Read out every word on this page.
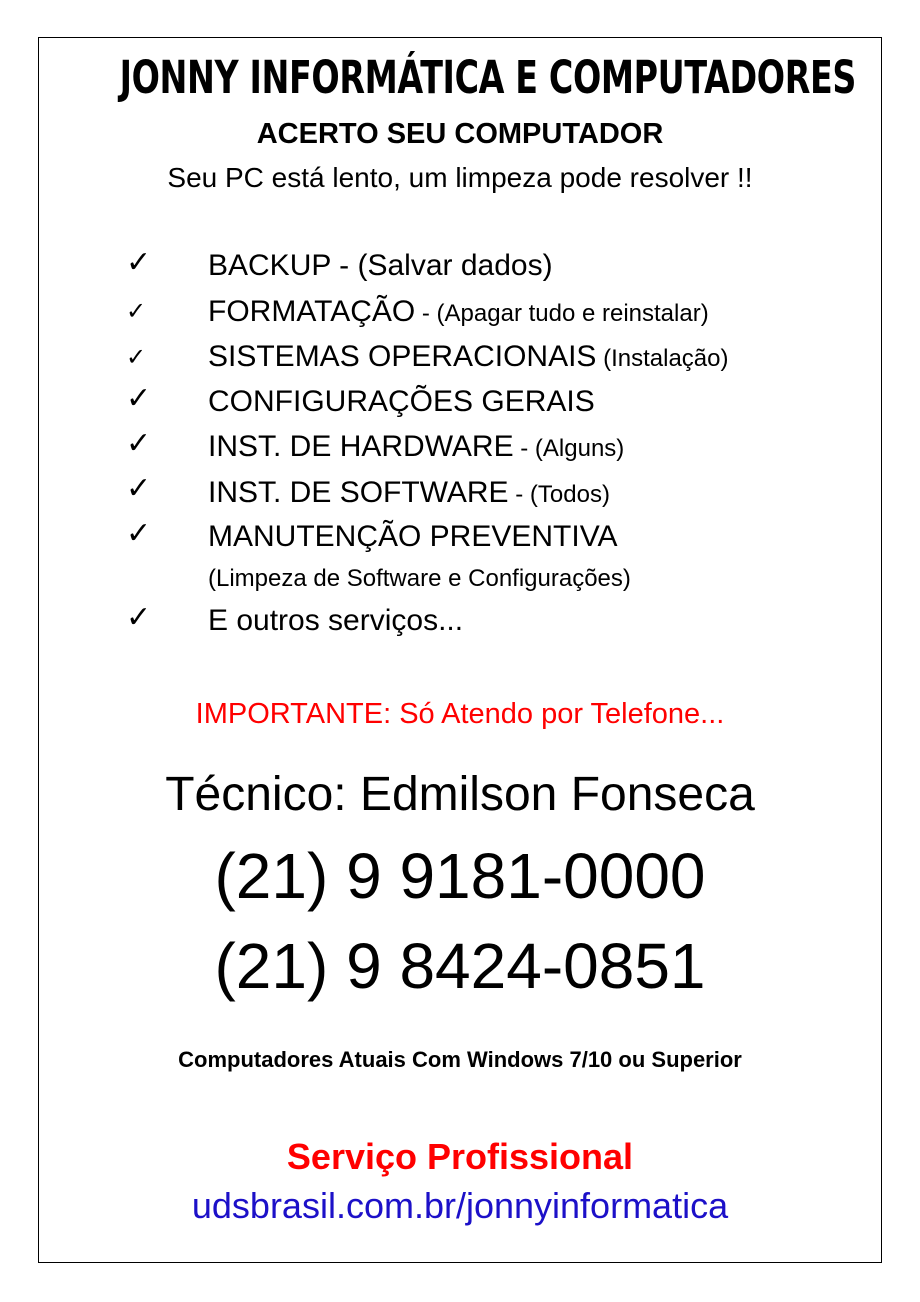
JONNY INFORMÁTICA E COMPUTADORES
ACERTO SEU COMPUTADOR
Seu PC está lento, um limpeza pode resolver !!
✓	BACKUP - (Salvar dados)
✓	FORMATAÇÃO - (Apagar tudo e reinstalar)
✓	SISTEMAS OPERACIONAIS (Instalação)
✓	CONFIGURAÇÕES GERAIS
✓	INST. DE HARDWARE - (Alguns)
✓	INST. DE SOFTWARE - (Todos)
✓	MANUTENÇÃO PREVENTIVA
(Limpeza de Software e Configurações)
✓	E outros serviços...
IMPORTANTE: Só Atendo por Telefone...
Técnico: Edmilson Fonseca
(21) 9 9181-0000
(21) 9 8424-0851
Computadores Atuais Com Windows 7/10 ou Superior
Serviço Profissional
udsbrasil.com.br/jonnyinformatica
